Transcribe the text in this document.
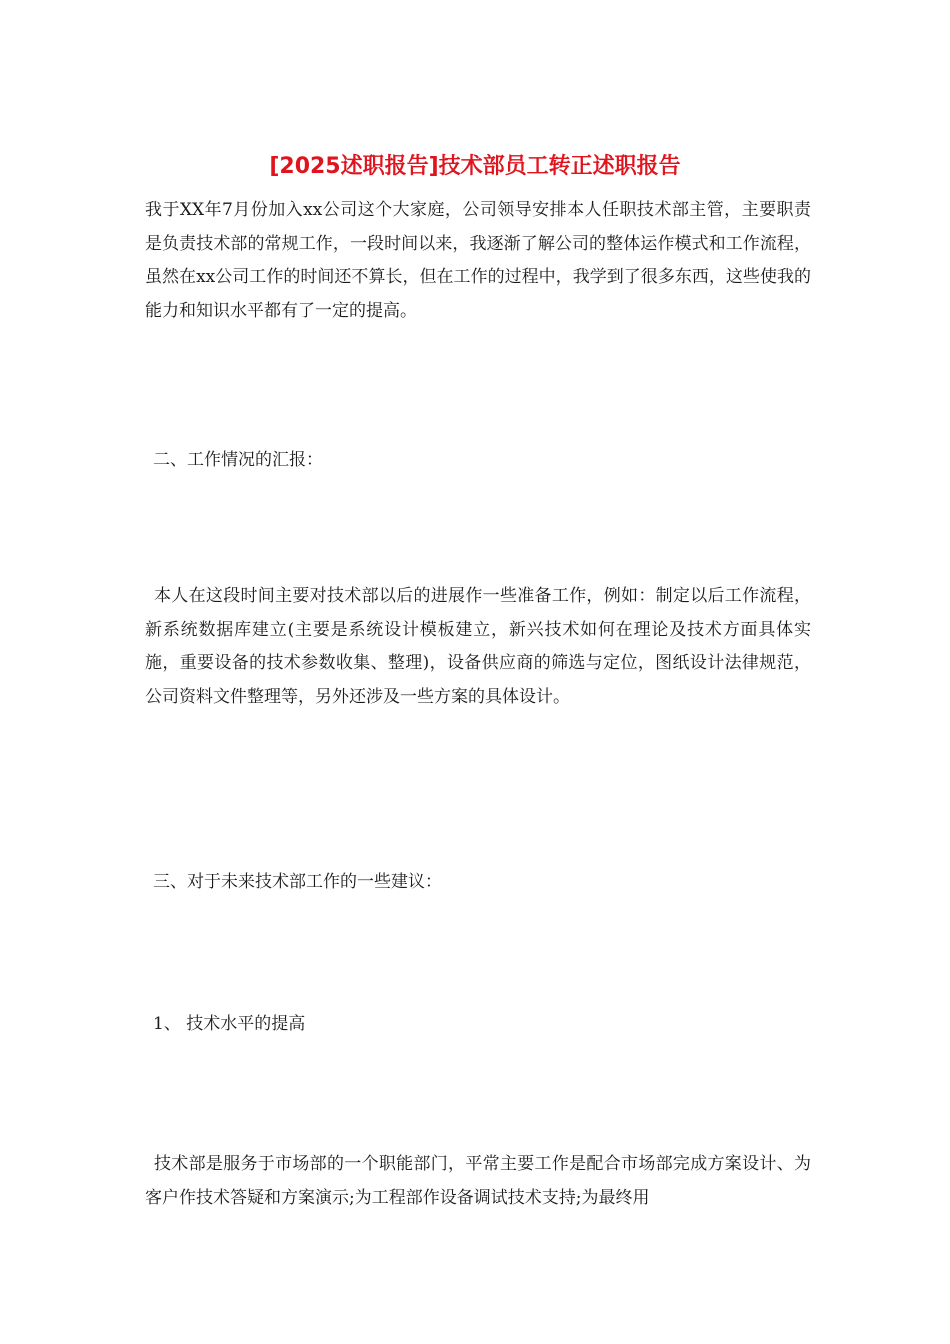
[2025述职报告]技术部员工转正述职报告

我于XX年7月份加入xx公司这个大家庭，公司领导安排本人任职技术部主管，主要职责是负责技术部的常规工作，一段时间以来，我逐渐了解公司的整体运作模式和工作流程，虽然在xx公司工作的时间还不算长，但在工作的过程中，我学到了很多东西，这些使我的能力和知识水平都有了一定的提高。

二、工作情况的汇报：

本人在这段时间主要对技术部以后的进展作一些准备工作，例如：制定以后工作流程，新系统数据库建立(主要是系统设计模板建立，新兴技术如何在理论及技术方面具体实施，重要设备的技术参数收集、整理)，设备供应商的筛选与定位，图纸设计法律规范，公司资料文件整理等，另外还涉及一些方案的具体设计。

三、对于未来技术部工作的一些建议：

1、 技术水平的提高

技术部是服务于市场部的一个职能部门，平常主要工作是配合市场部完成方案设计、为客户作技术答疑和方案演示;为工程部作设备调试技术支持;为最终用
